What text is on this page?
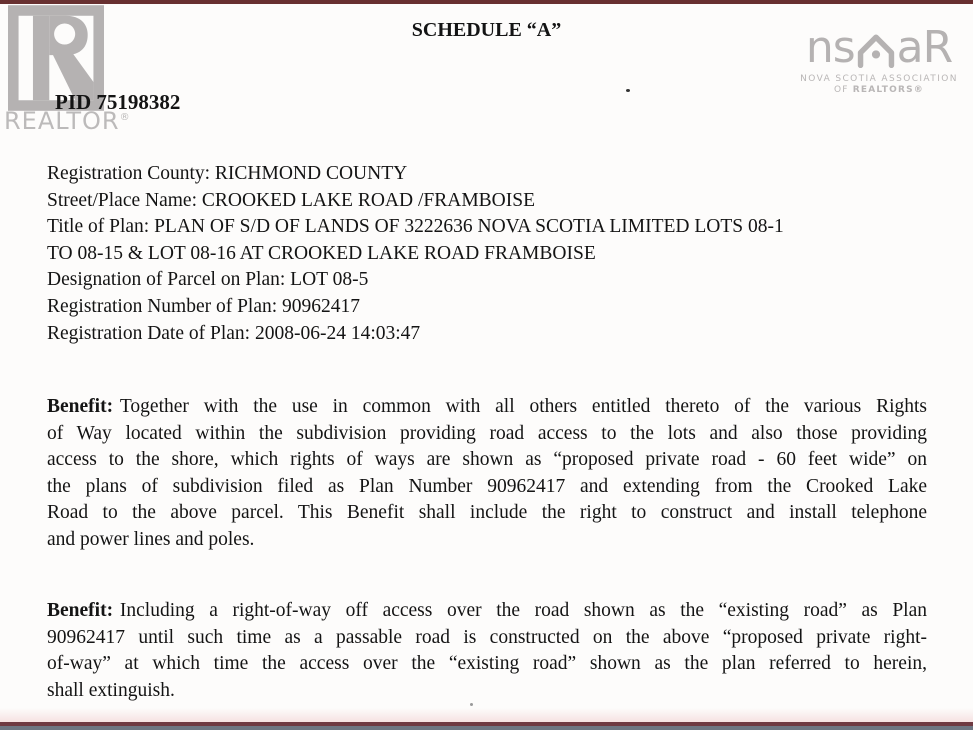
REALTOR®
ns aR
NOVA SCOTIA ASSOCIATION
OF REALTORS®
SCHEDULE “A”
PID 75198382
Registration County: RICHMOND COUNTY
Street/Place Name: CROOKED LAKE ROAD /FRAMBOISE
Title of Plan: PLAN OF S/D OF LANDS OF 3222636 NOVA SCOTIA LIMITED LOTS 08-1
TO 08-15 & LOT 08-16 AT CROOKED LAKE ROAD FRAMBOISE
Designation of Parcel on Plan: LOT 08-5
Registration Number of Plan: 90962417
Registration Date of Plan: 2008-06-24 14:03:47
Benefit: Together with the use in common with all others entitled thereto of the various Rights
of Way located within the subdivision providing road access to the lots and also those providing
access to the shore, which rights of ways are shown as “proposed private road - 60 feet wide” on
the plans of subdivision filed as Plan Number 90962417 and extending from the Crooked Lake
Road to the above parcel. This Benefit shall include the right to construct and install telephone
and power lines and poles.
Benefit: Including a right-of-way off access over the road shown as the “existing road” as Plan
90962417 until such time as a passable road is constructed on the above “proposed private right-
of-way” at which time the access over the “existing road” shown as the plan referred to herein,
shall extinguish.
